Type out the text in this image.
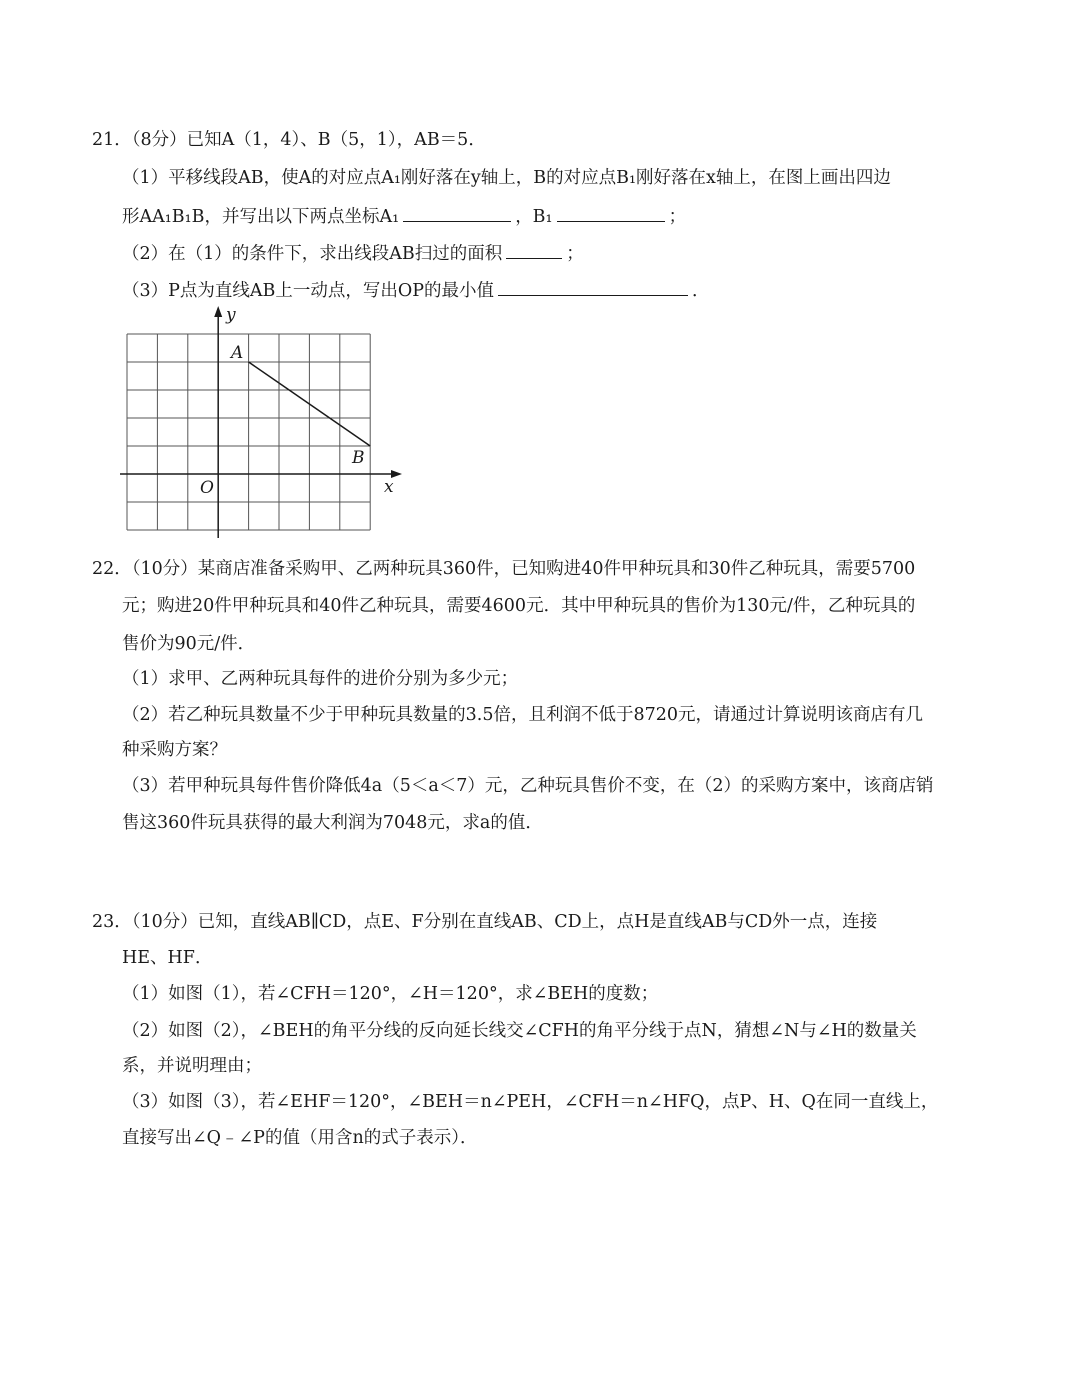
21．（8分）已知A（1，4）、B（5，1），AB＝5．
（1）平移线段AB，使A的对应点A₁刚好落在y轴上，B的对应点B₁刚好落在x轴上，在图上画出四边
形AA₁B₁B，并写出以下两点坐标A₁	，B₁	；
（2）在（1）的条件下，求出线段AB扫过的面积	；
（3）P点为直线AB上一动点，写出OP的最小值	．
y
x
O
A
B
22．（10分）某商店准备采购甲、乙两种玩具360件，已知购进40件甲种玩具和30件乙种玩具，需要5700
元；购进20件甲种玩具和40件乙种玩具，需要4600元．其中甲种玩具的售价为130元/件，乙种玩具的
售价为90元/件．
（1）求甲、乙两种玩具每件的进价分别为多少元；
（2）若乙种玩具数量不少于甲种玩具数量的3.5倍，且利润不低于8720元，请通过计算说明该商店有几
种采购方案？
（3）若甲种玩具每件售价降低4a（5＜a＜7）元，乙种玩具售价不变，在（2）的采购方案中，该商店销
售这360件玩具获得的最大利润为7048元，求a的值．
23．（10分）已知，直线AB∥CD，点E、F分别在直线AB、CD上，点H是直线AB与CD外一点，连接
HE、HF．
（1）如图（1），若∠CFH＝120°，∠H＝120°，求∠BEH的度数；
（2）如图（2），∠BEH的角平分线的反向延长线交∠CFH的角平分线于点N，猜想∠N与∠H的数量关
系，并说明理由；
（3）如图（3），若∠EHF＝120°，∠BEH＝n∠PEH，∠CFH＝n∠HFQ，点P、H、Q在同一直线上，
直接写出∠Q﹣∠P的值（用含n的式子表示）．
